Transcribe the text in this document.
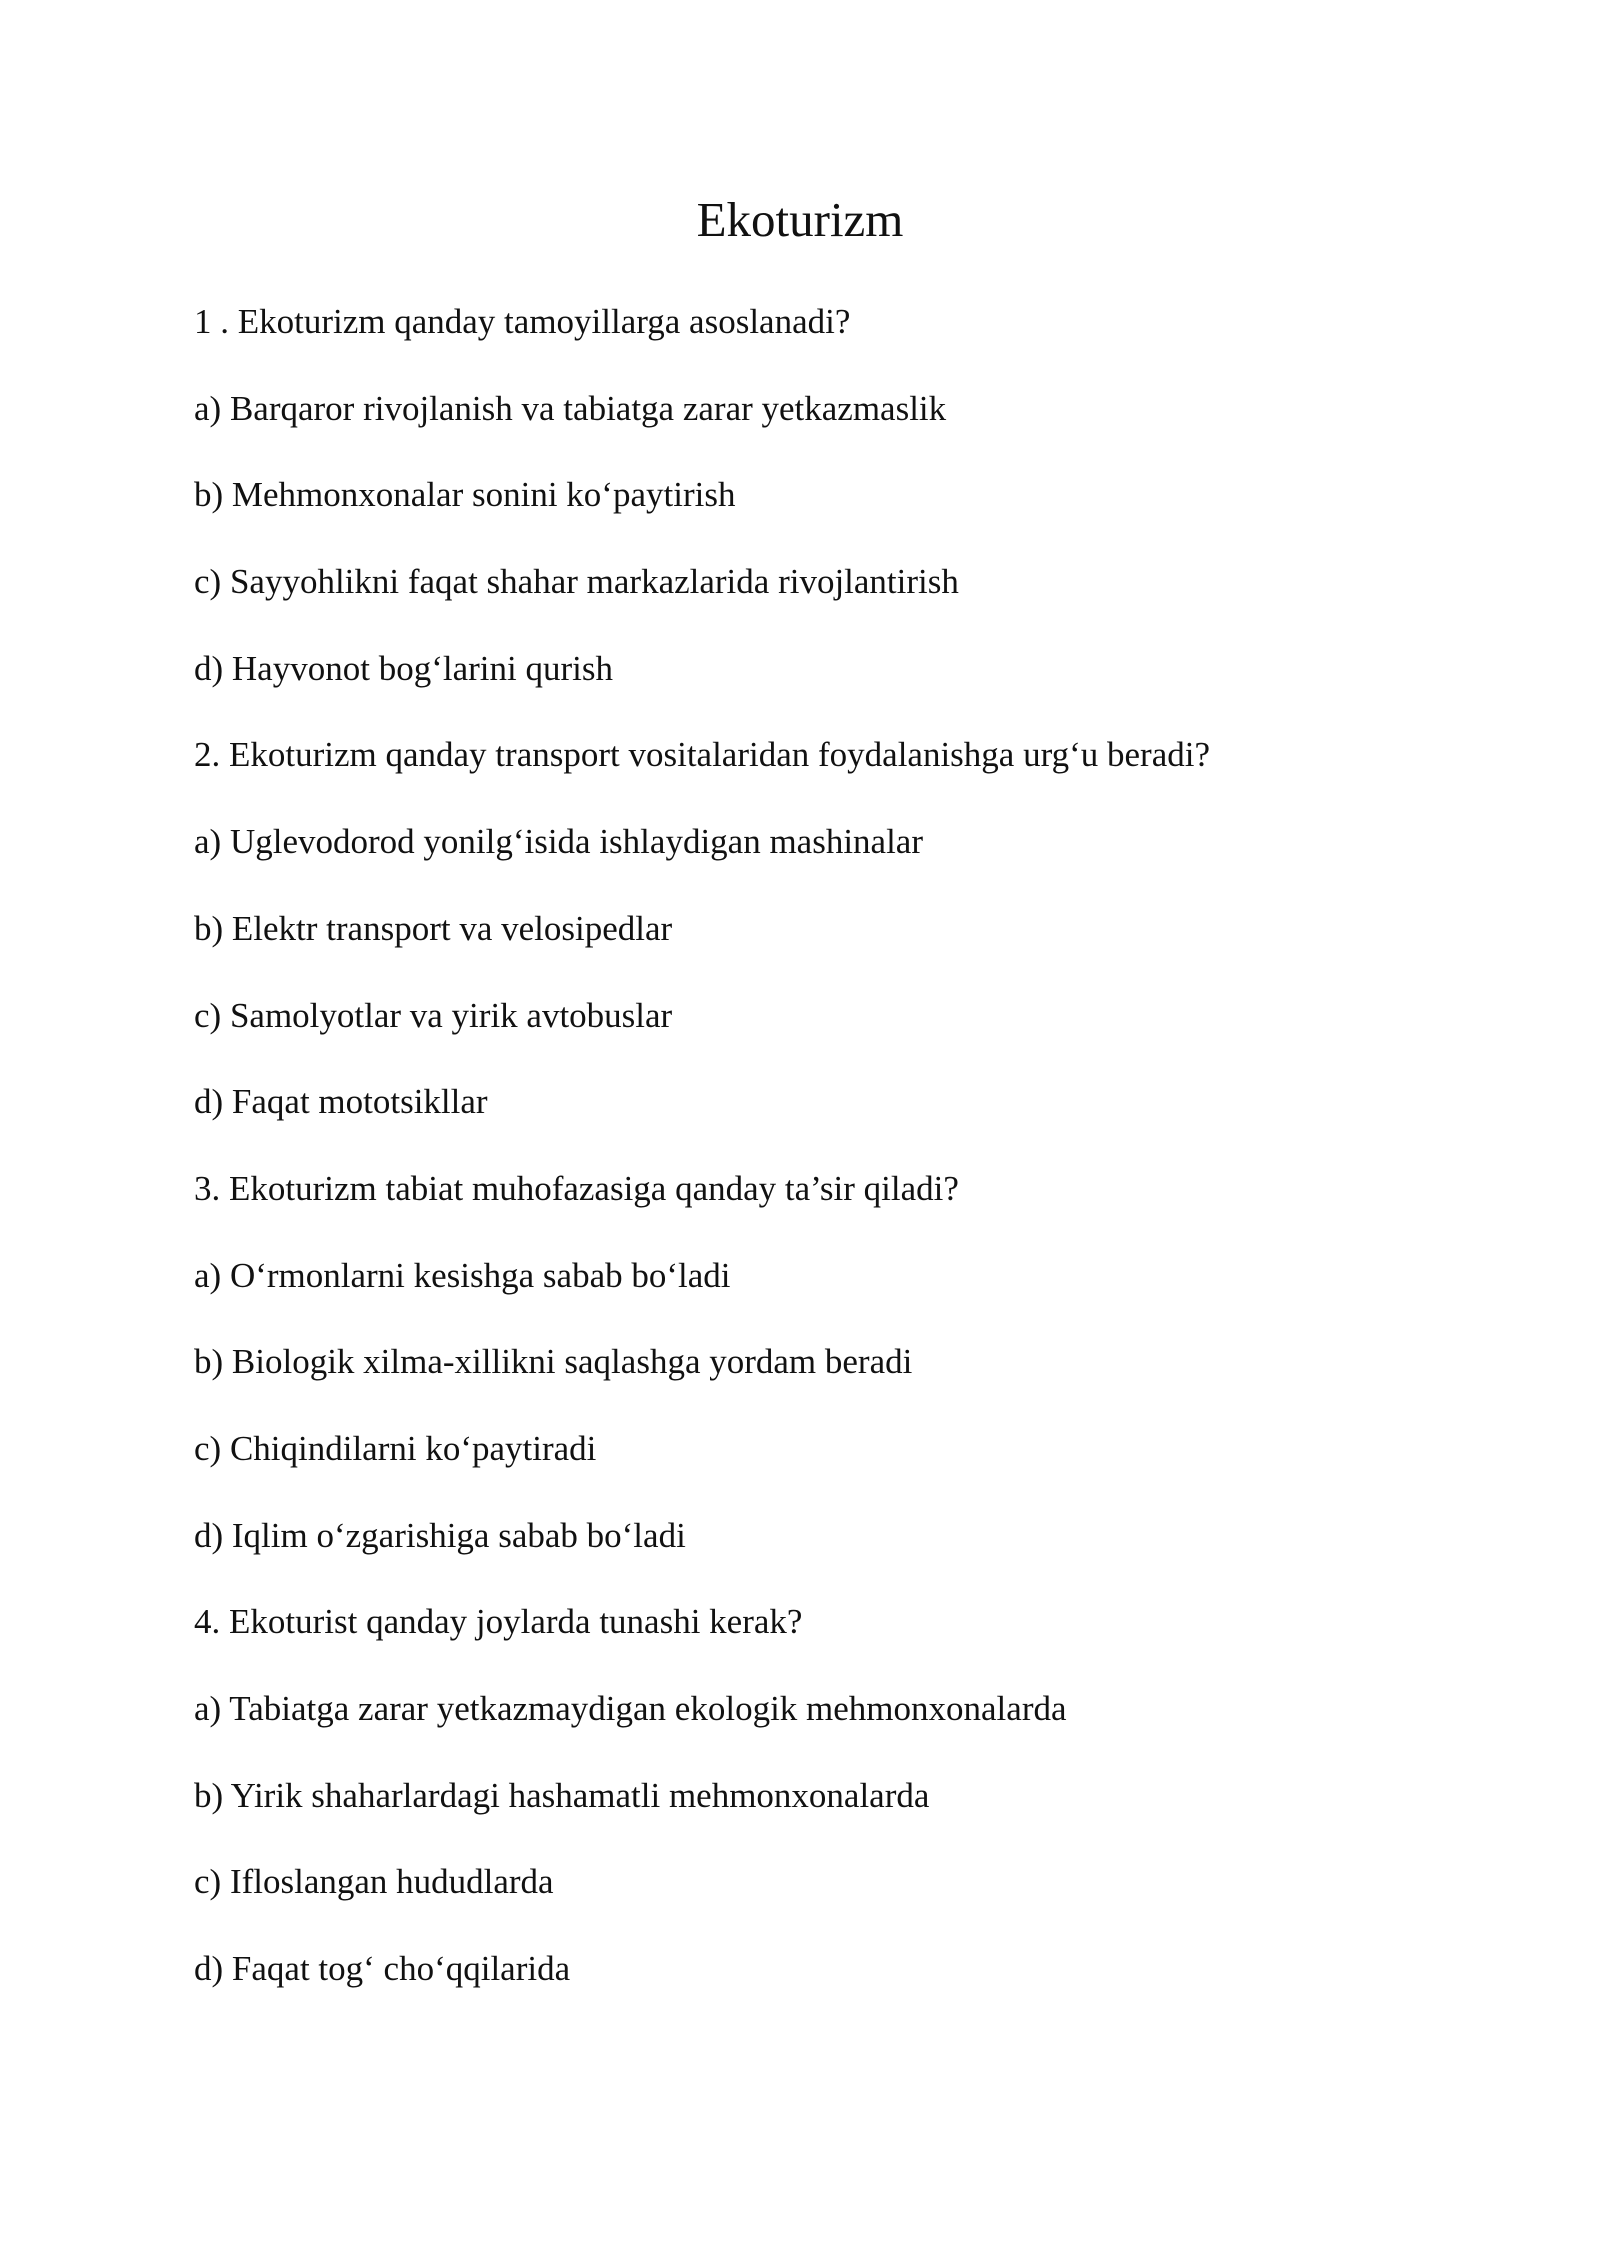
Ekoturizm

1 . Ekoturizm qanday tamoyillarga asoslanadi?

a) Barqaror rivojlanish va tabiatga zarar yetkazmaslik

b) Mehmonxonalar sonini ko‘paytirish

c) Sayyohlikni faqat shahar markazlarida rivojlantirish

d) Hayvonot bog‘larini qurish

2. Ekoturizm qanday transport vositalaridan foydalanishga urg‘u beradi?

a) Uglevodorod yonilg‘isida ishlaydigan mashinalar

b) Elektr transport va velosipedlar

c) Samolyotlar va yirik avtobuslar

d) Faqat mototsikllar

3. Ekoturizm tabiat muhofazasiga qanday ta’sir qiladi?

a) O‘rmonlarni kesishga sabab bo‘ladi

b) Biologik xilma-xillikni saqlashga yordam beradi

c) Chiqindilarni ko‘paytiradi

d) Iqlim o‘zgarishiga sabab bo‘ladi

4. Ekoturist qanday joylarda tunashi kerak?

a) Tabiatga zarar yetkazmaydigan ekologik mehmonxonalarda

b) Yirik shaharlardagi hashamatli mehmonxonalarda

c) Ifloslangan hududlarda

d) Faqat tog‘ cho‘qqilarida
